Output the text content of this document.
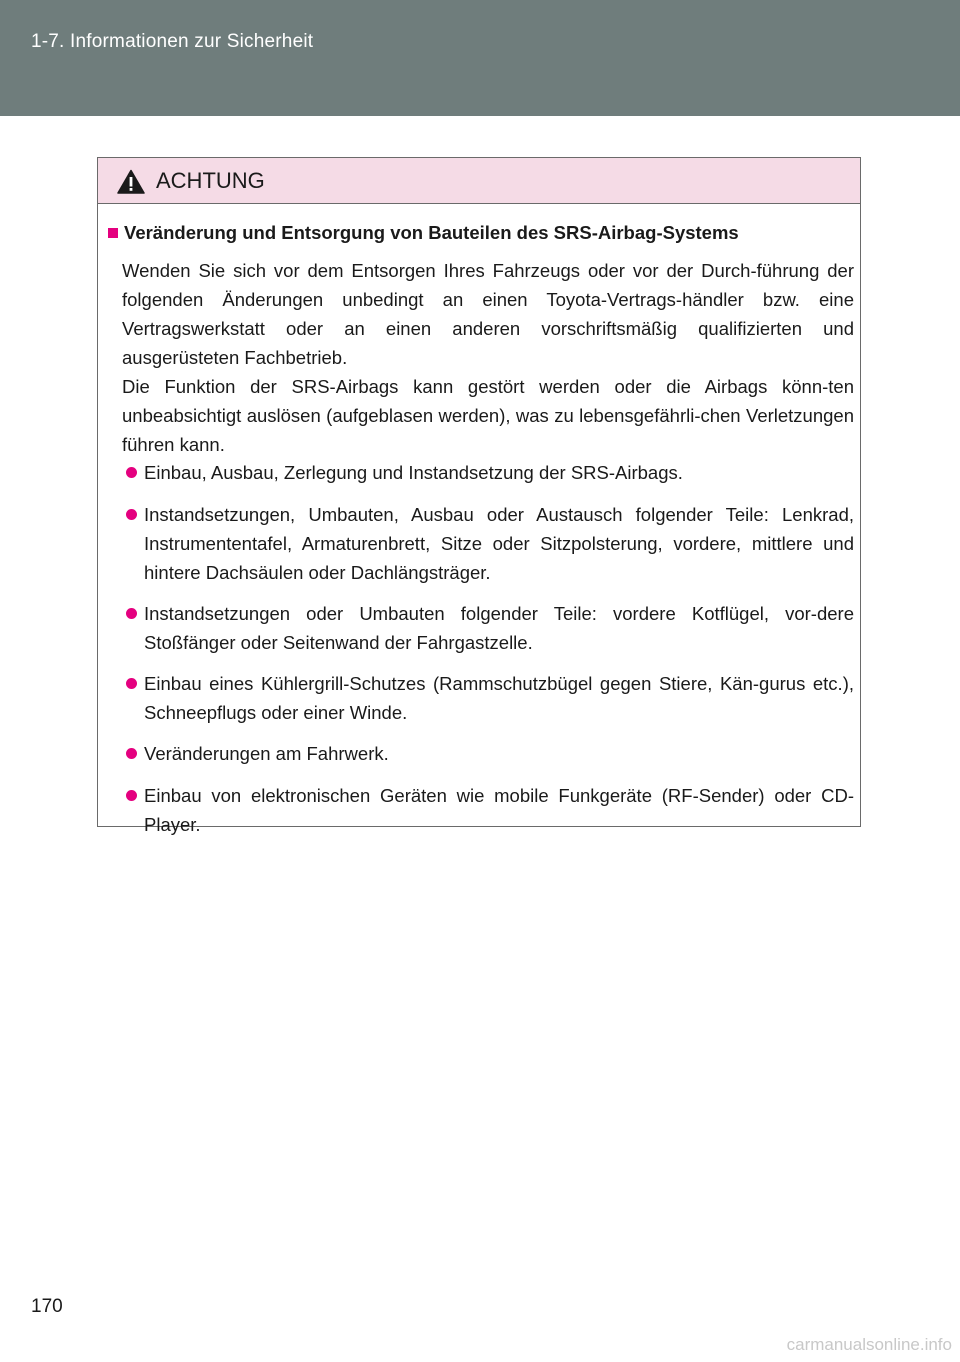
1-7. Informationen zur Sicherheit
ACHTUNG
Veränderung und Entsorgung von Bauteilen des SRS-Airbag-Systems

Wenden Sie sich vor dem Entsorgen Ihres Fahrzeugs oder vor der Durch-führung der folgenden Änderungen unbedingt an einen Toyota-Vertrags-händler bzw. eine Vertragswerkstatt oder an einen anderen vorschriftsmäßig qualifizierten und ausgerüsteten Fachbetrieb.

Die Funktion der SRS-Airbags kann gestört werden oder die Airbags könn-ten unbeabsichtigt auslösen (aufgeblasen werden), was zu lebensgefährli-chen Verletzungen führen kann.

Einbau, Ausbau, Zerlegung und Instandsetzung der SRS-Airbags.
Instandsetzungen, Umbauten, Ausbau oder Austausch folgender Teile: Lenkrad, Instrumententafel, Armaturenbrett, Sitze oder Sitzpolsterung, vordere, mittlere und hintere Dachsäulen oder Dachlängsträger.
Instandsetzungen oder Umbauten folgender Teile: vordere Kotflügel, vor-dere Stoßfänger oder Seitenwand der Fahrgastzelle.
Einbau eines Kühlergrill-Schutzes (Rammschutzbügel gegen Stiere, Kän-gurus etc.), Schneepflugs oder einer Winde.
Veränderungen am Fahrwerk.
Einbau von elektronischen Geräten wie mobile Funkgeräte (RF-Sender) oder CD-Player.
170
carmanualsonline.info
